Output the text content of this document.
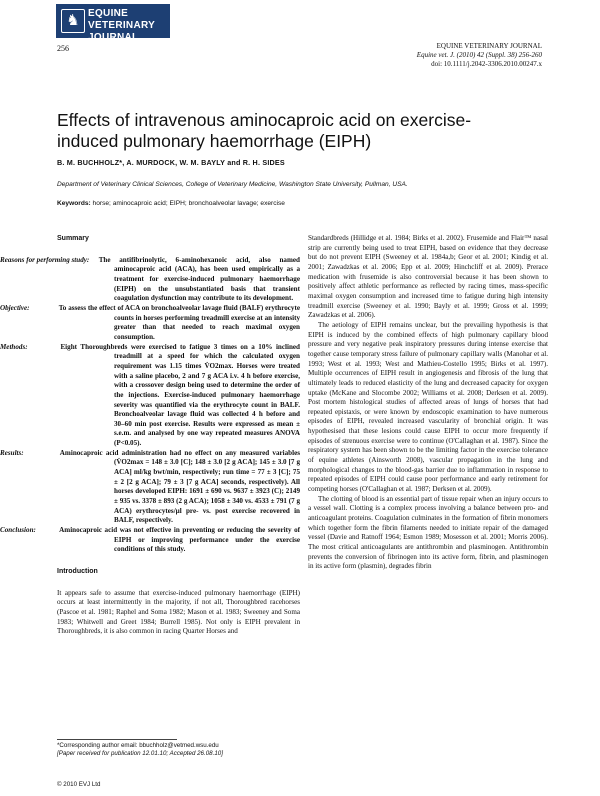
♞ EQUINE VETERINARY JOURNAL
256	EQUINE VETERINARY JOURNAL
Equine vet. J. (2010) 42 (Suppl. 38) 256-260
doi: 10.1111/j.2042-3306.2010.00247.x
Effects of intravenous aminocaproic acid on exercise-induced pulmonary haemorrhage (EIPH)
B. M. BUCHHOLZ*, A. MURDOCK, W. M. BAYLY and R. H. SIDES
Department of Veterinary Clinical Sciences, College of Veterinary Medicine, Washington State University, Pullman, USA.
Keywords: horse; aminocaproic acid; EIPH; bronchoalveolar lavage; exercise
Summary

Reasons for performing study: The antifibrinolytic, 6-aminohexanoic acid, also named aminocaproic acid (ACA), has been used empirically as a treatment for exercise-induced pulmonary haemorrhage (EIPH) on the unsubstantiated basis that transient coagulation dysfunction may contribute to its development.

Objective:	To assess the effect of ACA on bronchoalveolar lavage fluid (BALF) erythrocyte counts in horses performing treadmill exercise at an intensity greater than that needed to reach maximal oxygen consumption.

Methods:	Eight Thoroughbreds were exercised to fatigue 3 times on a 10% inclined treadmill at a speed for which the calculated oxygen requirement was 1.15 times V̇O2max. Horses were treated with a saline placebo, 2 and 7 g ACA i.v. 4 h before exercise, with a crossover design being used to determine the order of the injections. Exercise-induced pulmonary haemorrhage severity was quantified via the erythrocyte count in BALF. Bronchoalveolar lavage fluid was collected 4 h before and 30–60 min post exercise. Results were expressed as mean ± s.e.m. and analysed by one way repeated measures ANOVA (P<0.05).

Results:	Aminocaproic acid administration had no effect on any measured variables (V̇O2max = 148 ± 3.0 [C]; 148 ± 3.0 [2 g ACA]; 145 ± 3.0 [7 g ACA] ml/kg bwt/min, respectively; run time = 77 ± 3 [C]; 75 ± 2 [2 g ACA]; 79 ± 3 [7 g ACA] seconds, respectively). All horses developed EIPH: 1691 ± 690 vs. 9637 ± 3923 (C); 2149 ± 935 vs. 3378 ± 893 (2 g ACA); 1058 ± 340 vs. 4533 ± 791 (7 g ACA) erythrocytes/µl pre- vs. post exercise recovered in BALF, respectively.

Conclusion:	Aminocaproic acid was not effective in preventing or reducing the severity of EIPH or improving performance under the exercise conditions of this study.

Introduction

It appears safe to assume that exercise-induced pulmonary haemorrhage (EIPH) occurs at least intermittently in the majority, if not all, Thoroughbred racehorses (Pascoe et al. 1981; Raphel and Soma 1982; Mason et al. 1983; Sweeney and Soma 1983; Whitwell and Greet 1984; Burrell 1985). Not only is EIPH prevalent in Thoroughbreds, it is also common in racing Quarter Horses and

Standardbreds (Hillidge et al. 1984; Birks et al. 2002). Frusemide and Flair™ nasal strip are currently being used to treat EIPH, based on evidence that they decrease but do not prevent EIPH (Sweeney et al. 1984a,b; Geor et al. 2001; Kindig et al. 2001; Zawadzkas et al. 2006; Epp et al. 2009; Hinchcliff et al. 2009). Prerace medication with frusemide is also controversial because it has been shown to positively affect athletic performance as reflected by racing times, mass-specific maximal oxygen consumption and increased time to fatigue during high intensity treadmill exercise (Sweeney et al. 1990; Bayly et al. 1999; Gross et al. 1999; Zawadzkas et al. 2006).

The aetiology of EIPH remains unclear, but the prevailing hypothesis is that EIPH is induced by the combined effects of high pulmonary capillary blood pressure and very negative peak inspiratory pressures during intense exercise that together cause temporary stress failure of pulmonary capillary walls (Manohar et al. 1993; West et al. 1993; West and Mathieu-Costello 1995; Birks et al. 1997). Multiple occurrences of EIPH result in angiogenesis and fibrosis of the lung that ultimately leads to reduced elasticity of the lung and decreased capacity for oxygen uptake (McKane and Slocombe 2002; Williams et al. 2008; Derksen et al. 2009). Post mortem histological studies of affected areas of lungs of horses that had repeated epistaxis, or were known by endoscopic examination to have numerous episodes of EIPH, revealed increased vascularity of bronchial origin. It was hypothesised that these lesions could cause EIPH to occur more frequently if episodes of strenuous exercise were to continue (O'Callaghan et al. 1987). Since the respiratory system has been shown to be the limiting factor in the exercise tolerance of equine athletes (Ainsworth 2008), vascular propagation in the lung and morphological changes to the blood-gas barrier due to inflammation in response to repeated episodes of EIPH could cause poor performance and early retirement for competing horses (O'Callaghan et al. 1987; Derksen et al. 2009).

The clotting of blood is an essential part of tissue repair when an injury occurs to a vessel wall. Clotting is a complex process involving a balance between pro- and anticoagulant proteins. Coagulation culminates in the formation of fibrin monomers which together form the fibrin filaments needed to initiate repair of the damaged vessel (Davie and Ratnoff 1964; Esmon 1989; Mosesson et al. 2001; Morris 2006). The most critical anticoagulants are antithrombin and plasminogen. Antithrombin prevents the conversion of fibrinogen into its active form, fibrin, and plasminogen in its active form (plasmin), degrades fibrin

*Corresponding author email: bbuchholz@vetmed.wsu.edu
[Paper received for publication 12.01.10; Accepted 26.08.10]
© 2010 EVJ Ltd
